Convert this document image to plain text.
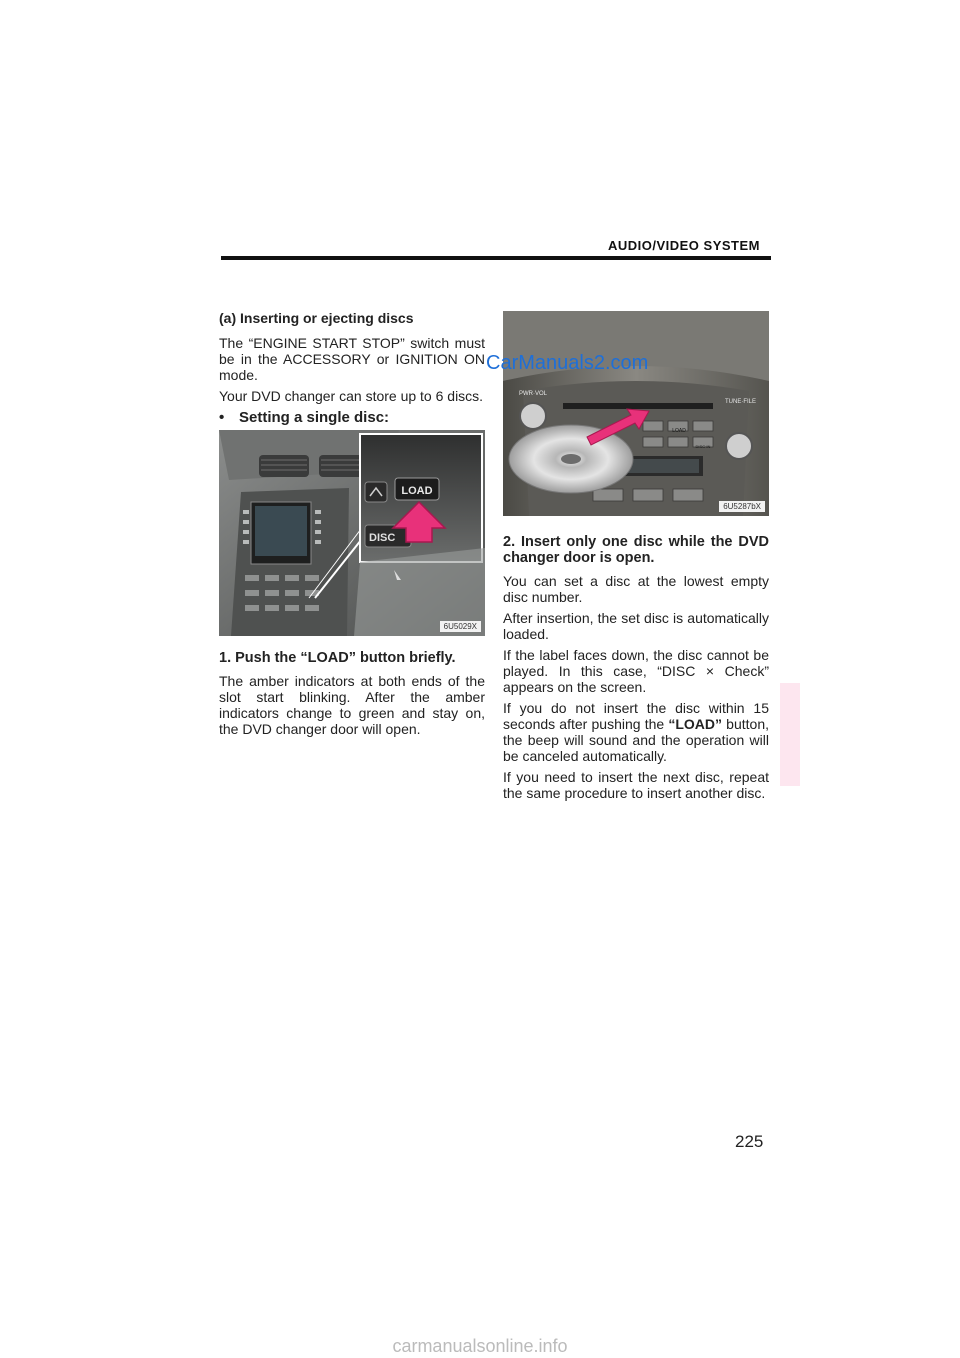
AUDIO/VIDEO SYSTEM

(a) Inserting or ejecting discs

The “ENGINE START STOP” switch must be in the ACCESSORY or IGNITION ON mode.

Your DVD changer can store up to 6 discs.

• Setting a single disc:

LOAD
DISC
6U5029X

1. Push the “LOAD” button briefly.

The amber indicators at both ends of the slot start blinking. After the amber indicators change to green and stay on, the DVD changer door will open.

LOAD
DISC·IN
PWR·VOL
TUNE·FILE
6U5287bX
CarManuals2.com

2. Insert only one disc while the DVD changer door is open.

You can set a disc at the lowest empty disc number.

After insertion, the set disc is automatically loaded.

If the label faces down, the disc cannot be played. In this case, “DISC × Check” appears on the screen.

If you do not insert the disc within 15 seconds after pushing the “LOAD” button, the beep will sound and the operation will be canceled automatically.

If you need to insert the next disc, repeat the same procedure to insert another disc.

225
carmanualsonline.info
